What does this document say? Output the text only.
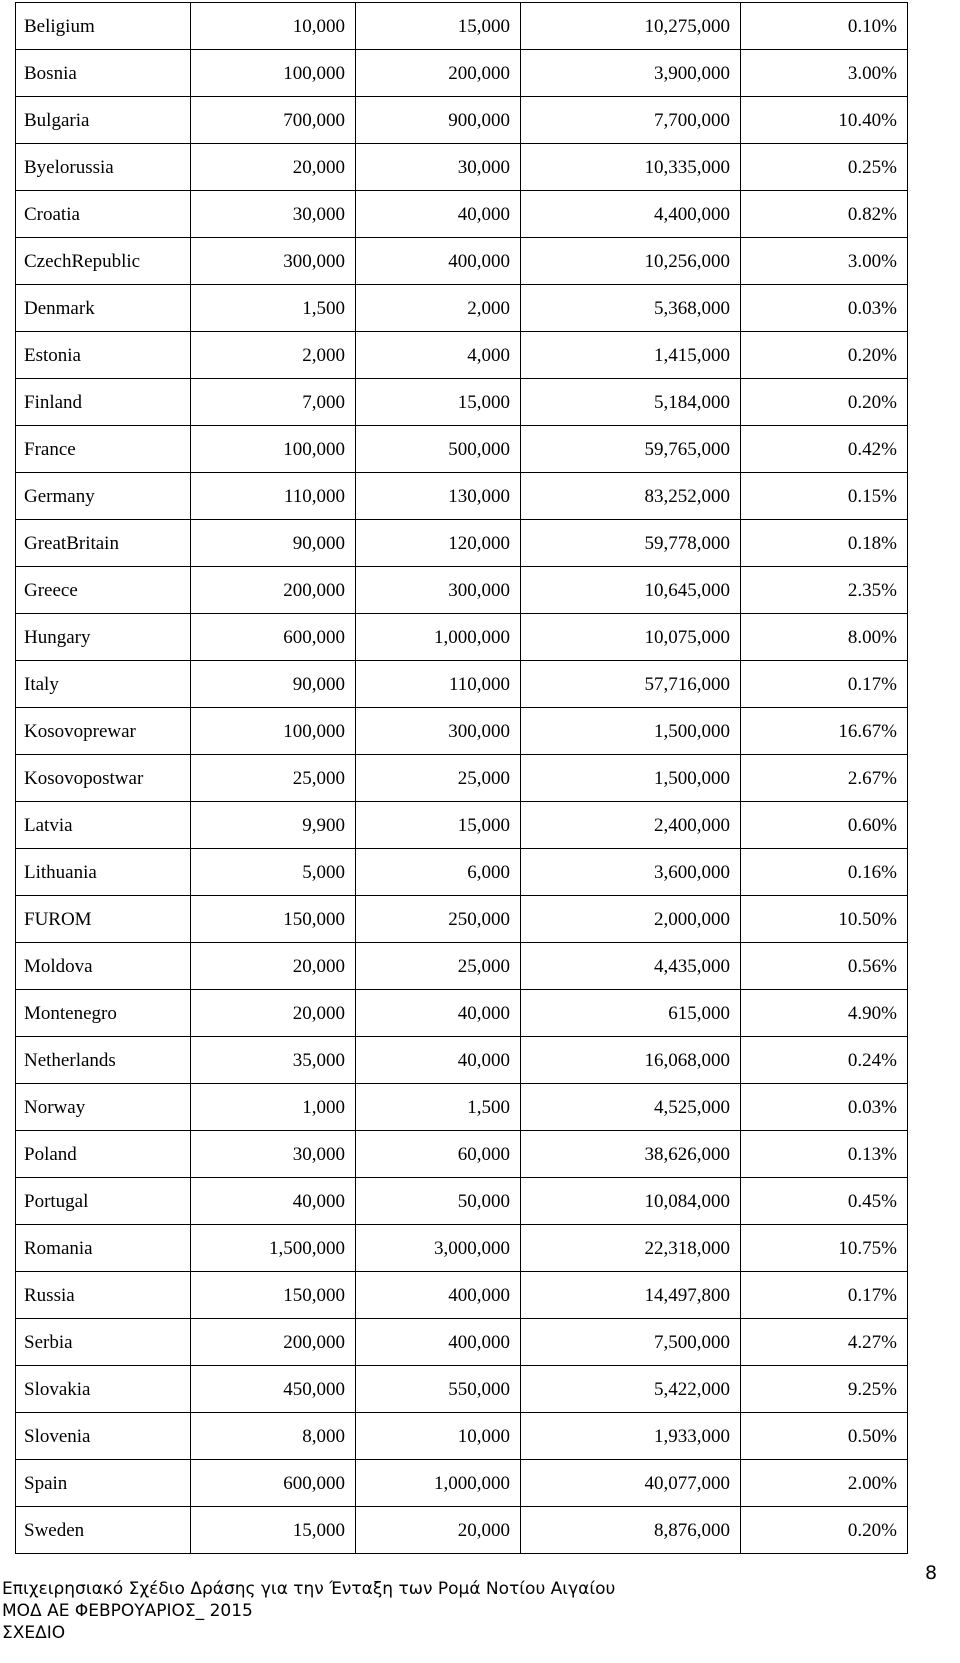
Beligium	10,000	15,000	10,275,000	0.10%
Bosnia	100,000	200,000	3,900,000	3.00%
Bulgaria	700,000	900,000	7,700,000	10.40%
Byelorussia	20,000	30,000	10,335,000	0.25%
Croatia	30,000	40,000	4,400,000	0.82%
CzechRepublic	300,000	400,000	10,256,000	3.00%
Denmark	1,500	2,000	5,368,000	0.03%
Estonia	2,000	4,000	1,415,000	0.20%
Finland	7,000	15,000	5,184,000	0.20%
France	100,000	500,000	59,765,000	0.42%
Germany	110,000	130,000	83,252,000	0.15%
GreatBritain	90,000	120,000	59,778,000	0.18%
Greece	200,000	300,000	10,645,000	2.35%
Hungary	600,000	1,000,000	10,075,000	8.00%
Italy	90,000	110,000	57,716,000	0.17%
Kosovoprewar	100,000	300,000	1,500,000	16.67%
Kosovopostwar	25,000	25,000	1,500,000	2.67%
Latvia	9,900	15,000	2,400,000	0.60%
Lithuania	5,000	6,000	3,600,000	0.16%
FUROM	150,000	250,000	2,000,000	10.50%
Moldova	20,000	25,000	4,435,000	0.56%
Montenegro	20,000	40,000	615,000	4.90%
Netherlands	35,000	40,000	16,068,000	0.24%
Norway	1,000	1,500	4,525,000	0.03%
Poland	30,000	60,000	38,626,000	0.13%
Portugal	40,000	50,000	10,084,000	0.45%
Romania	1,500,000	3,000,000	22,318,000	10.75%
Russia	150,000	400,000	14,497,800	0.17%
Serbia	200,000	400,000	7,500,000	4.27%
Slovakia	450,000	550,000	5,422,000	9.25%
Slovenia	8,000	10,000	1,933,000	0.50%
Spain	600,000	1,000,000	40,077,000	2.00%
Sweden	15,000	20,000	8,876,000	0.20%
8
Επιχειρησιακό Σχέδιο Δράσης για την Ένταξη των Ρομά Νοτίου Αιγαίου
ΜΟΔ ΑΕ ΦΕΒΡΟΥΑΡΙΟΣ_ 2015
ΣΧΕΔΙΟ
